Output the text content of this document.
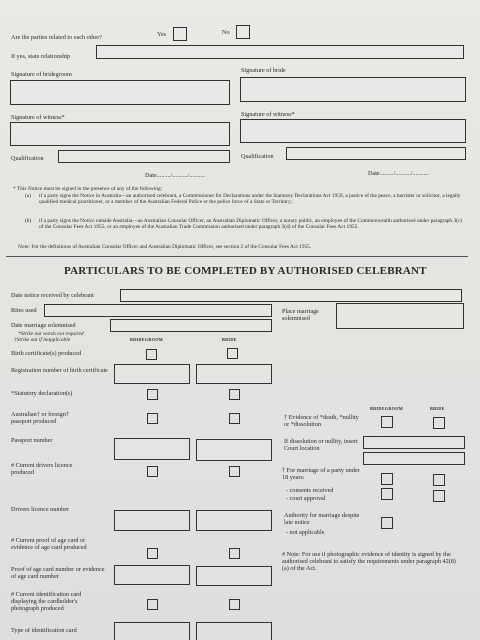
Are the parties related to each other?	Yes	No
If yes, state relationship
Signature of bridegroom
Signature of bride
Signature of witness*	Signature of witness*
Qualification	Qualification
Date........./........../..........	Date........./........../..........
* This Notice must be signed in the presence of any of the following:
(a) if a party signs the Notice in Australia—an authorised celebrant, a Commissioner for Declarations under the Statutory Declarations Act 1959, a justice of the peace, a barrister or solicitor, a legally qualified medical practitioner, or a member of the Australian Federal Police or the police force of a State or Territory;
(b) if a party signs the Notice outside Australia—an Australian Consular Officer, an Australian Diplomatic Officer, a notary public, an employee of the Commonwealth authorised under paragraph 3(c) of the Consular Fees Act 1955, or an employee of the Australian Trade Commission authorised under paragraph 3(d) of the Consular Fees Act 1955.
Note: For the definitions of Australian Consular Officer and Australian Diplomatic Officer, see section 2 of the Consular Fees Act 1955.
PARTICULARS TO BE COMPLETED BY AUTHORISED CELEBRANT
Date notice received by celebrant
Rites used	Place marriage solemnised
Date marriage solemnised
*Strike out words not required
†Strike out if inapplicable	BRIDEGROOM	BRIDE
Birth certificate(s) produced
Registration number of birth certificate
*Statutory declaration(s)
Australian† or foreign† passport produced
BRIDEGROOM	BRIDE
† Evidence of *death, *nullity or *dissolution
Passport number	If dissolution or nullity, insert Court location
# Current drivers licence produced	† For marriage of a party under 18 years:
- consents received
- court approval
Drivers licence number
Authority for marriage despite late notice
- not applicable
# Current proof of age card or evidence of age card produced
# Note: For use if photographic evidence of identity is signed by the authorised celebrant to satisfy the requirements under paragraph 42(8)(a) of the Act.
Proof of age card number or evidence of age card number
# Current identification card displaying the cardholder's photograph produced
Type of identification card
